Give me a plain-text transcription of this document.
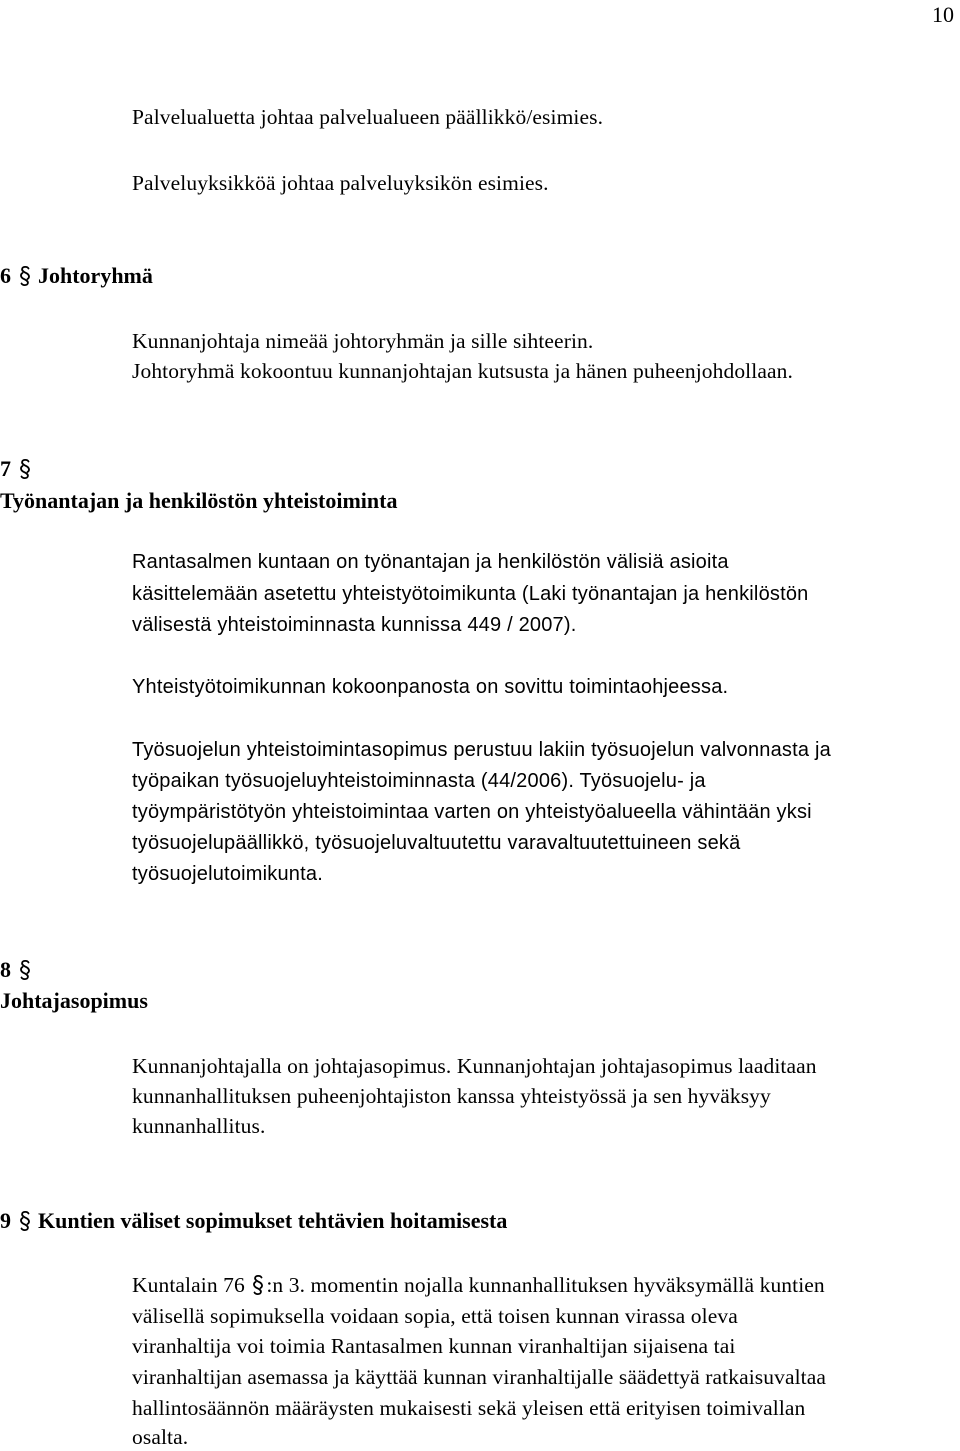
10
Palvelualuetta johtaa palvelualueen päällikkö/esimies.
Palveluyksikköä johtaa palveluyksikön esimies.
6 Johtoryhmä
Kunnanjohtaja nimeää johtoryhmän ja sille sihteerin.
Johtoryhmä kokoontuu kunnanjohtajan kutsusta ja hänen puheenjohdollaan.
7
Työnantajan ja henkilöstön yhteistoiminta
Rantasalmen kuntaan on työnantajan ja henkilöstön välisiä asioita
käsittelemään asetettu yhteistyötoimikunta (Laki työnantajan ja henkilöstön
välisestä yhteistoiminnasta kunnissa 449 / 2007).
Yhteistyötoimikunnan kokoonpanosta on sovittu toimintaohjeessa.
Työsuojelun yhteistoimintasopimus perustuu lakiin työsuojelun valvonnasta ja
työpaikan työsuojeluyhteistoiminnasta (44/2006). Työsuojelu- ja
työympäristötyön yhteistoimintaa varten on yhteistyöalueella vähintään yksi
työsuojelupäällikkö, työsuojeluvaltuutettu varavaltuutettuineen sekä
työsuojelutoimikunta.
8
Johtajasopimus
Kunnanjohtajalla on johtajasopimus. Kunnanjohtajan johtajasopimus laaditaan
kunnanhallituksen puheenjohtajiston kanssa yhteistyössä ja sen hyväksyy
kunnanhallitus.
9 Kuntien väliset sopimukset tehtävien hoitamisesta
Kuntalain 76 :n 3. momentin nojalla kunnanhallituksen hyväksymällä kuntien
välisellä sopimuksella voidaan sopia, että toisen kunnan virassa oleva
viranhaltija voi toimia Rantasalmen kunnan viranhaltijan sijaisena tai
viranhaltijan asemassa ja käyttää kunnan viranhaltijalle säädettyä ratkaisuvaltaa
hallintosäännön määräysten mukaisesti sekä yleisen että erityisen toimivallan
osalta.
